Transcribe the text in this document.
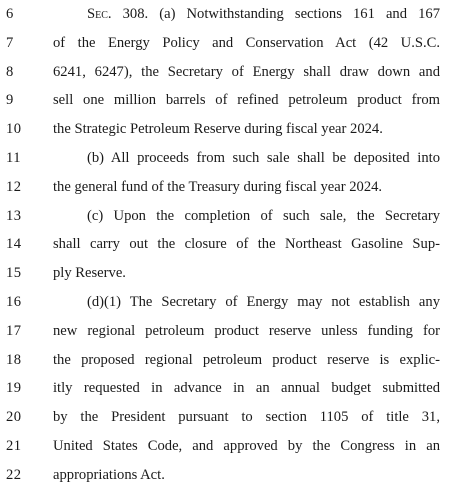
6	Sec. 308. (a) Notwithstanding sections 161 and 167
7	of the Energy Policy and Conservation Act (42 U.S.C.
8	6241, 6247), the Secretary of Energy shall draw down and
9	sell one million barrels of refined petroleum product from
10	the Strategic Petroleum Reserve during fiscal year 2024.
11	(b) All proceeds from such sale shall be deposited into
12	the general fund of the Treasury during fiscal year 2024.
13	(c) Upon the completion of such sale, the Secretary
14	shall carry out the closure of the Northeast Gasoline Sup-
15	ply Reserve.
16	(d)(1) The Secretary of Energy may not establish any
17	new regional petroleum product reserve unless funding for
18	the proposed regional petroleum product reserve is explic-
19	itly requested in advance in an annual budget submitted
20	by the President pursuant to section 1105 of title 31,
21	United States Code, and approved by the Congress in an
22	appropriations Act.
